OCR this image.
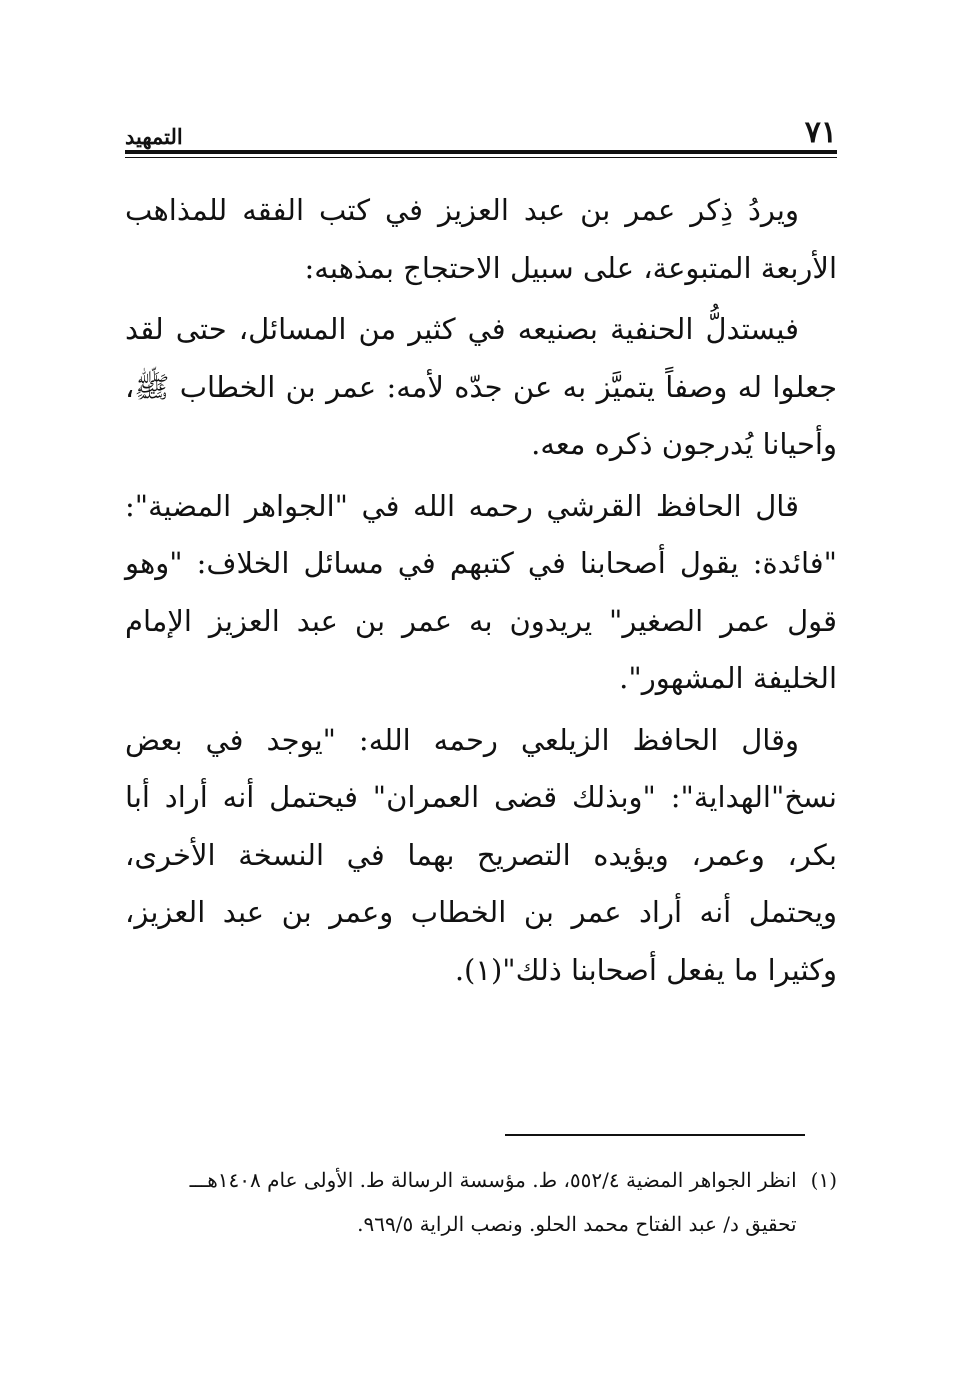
٧١
التمهيد

ويردُ ذِكر عمر بن عبد العزيز في كتب الفقه للمذاهب الأربعة المتبوعة، على سبيل الاحتجاج بمذهبه:

فيستدلُّ الحنفية بصنيعه في كثير من المسائل، حتى لقد جعلوا له وصفاً يتميَّز به عن جدّه لأمه: عمر بن الخطاب ﷺ، وأحيانا يُدرجون ذكره معه.

قال الحافظ القرشي رحمه الله في "الجواهر المضية": "فائدة: يقول أصحابنا في كتبهم في مسائل الخلاف: "وهو قول عمر الصغير" يريدون به عمر بن عبد العزيز الإمام الخليفة المشهور".

وقال الحافظ الزيلعي رحمه الله: "يوجد في بعض نسخ"الهداية": "وبذلك قضى العمران" فيحتمل أنه أراد أبا بكر، وعمر، ويؤيده التصريح بهما في النسخة الأخرى، ويحتمل أنه أراد عمر بن الخطاب وعمر بن عبد العزيز، وكثيرا ما يفعل أصحابنا ذلك"(١).

(١)
انظر الجواهر المضية ٥٥٢/٤، ط. مؤسسة الرسالة ط. الأولى عام ١٤٠٨هـــ
تحقيق د/ عبد الفتاح محمد الحلو. ونصب الراية ٩٦٩/٥.
